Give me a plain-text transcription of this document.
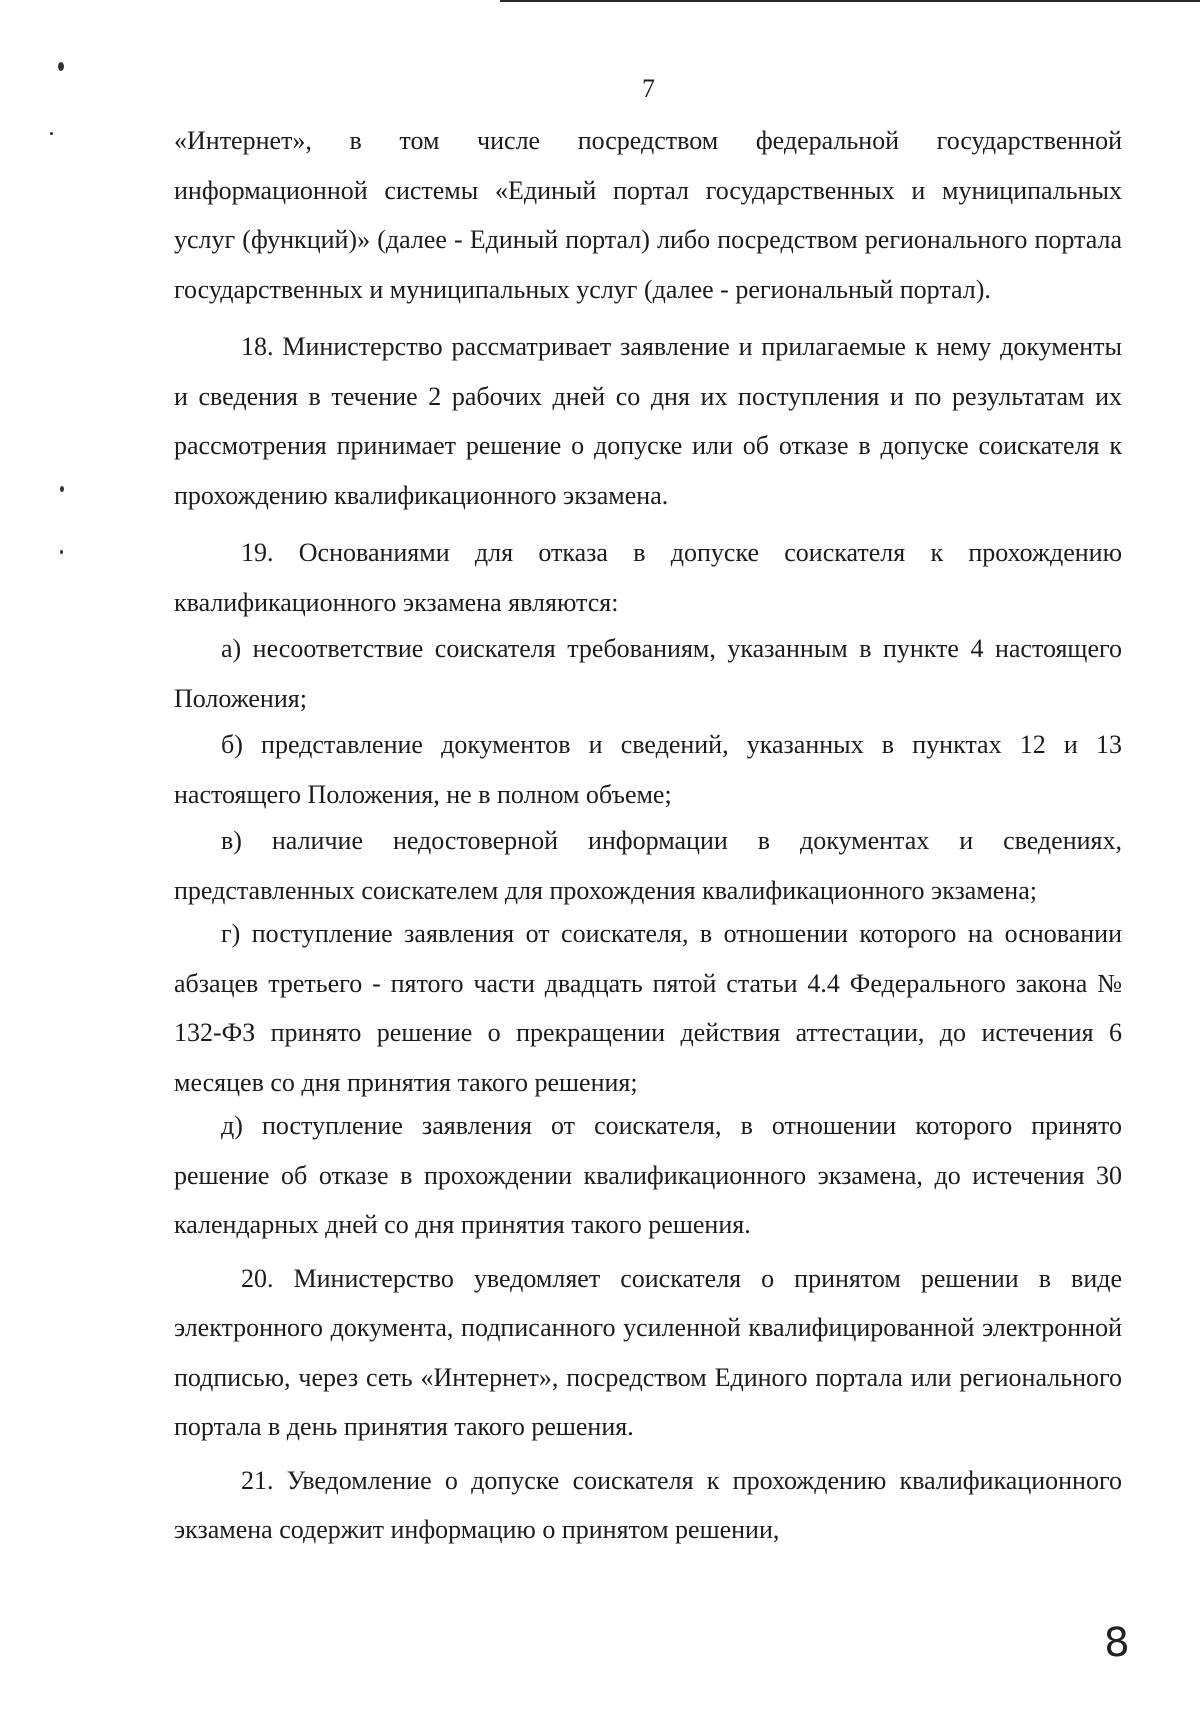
7

«Интернет», в том числе посредством федеральной государственной информационной системы «Единый портал государственных и муниципальных услуг (функций)» (далее - Единый портал) либо посредством регионального портала государственных и муниципальных услуг (далее - региональный портал).

18. Министерство рассматривает заявление и прилагаемые к нему документы и сведения в течение 2 рабочих дней со дня их поступления и по результатам их рассмотрения принимает решение о допуске или об отказе в допуске соискателя к прохождению квалификационного экзамена.

19. Основаниями для отказа в допуске соискателя к прохождению квалификационного экзамена являются:

а) несоответствие соискателя требованиям, указанным в пункте 4 настоящего Положения;

б) представление документов и сведений, указанных в пунктах 12 и 13 настоящего Положения, не в полном объеме;

в) наличие недостоверной информации в документах и сведениях, представленных соискателем для прохождения квалификационного экзамена;

г) поступление заявления от соискателя, в отношении которого на основании абзацев третьего - пятого части двадцать пятой статьи 4.4 Федерального закона № 132-ФЗ принято решение о прекращении действия аттестации, до истечения 6 месяцев со дня принятия такого решения;

д) поступление заявления от соискателя, в отношении которого принято решение об отказе в прохождении квалификационного экзамена, до истечения 30 календарных дней со дня принятия такого решения.

20. Министерство уведомляет соискателя о принятом решении в виде электронного документа, подписанного усиленной квалифицированной электронной подписью, через сеть «Интернет», посредством Единого портала или регионального портала в день принятия такого решения.

21. Уведомление о допуске соискателя к прохождению квалификационного экзамена содержит информацию о принятом решении,

8
